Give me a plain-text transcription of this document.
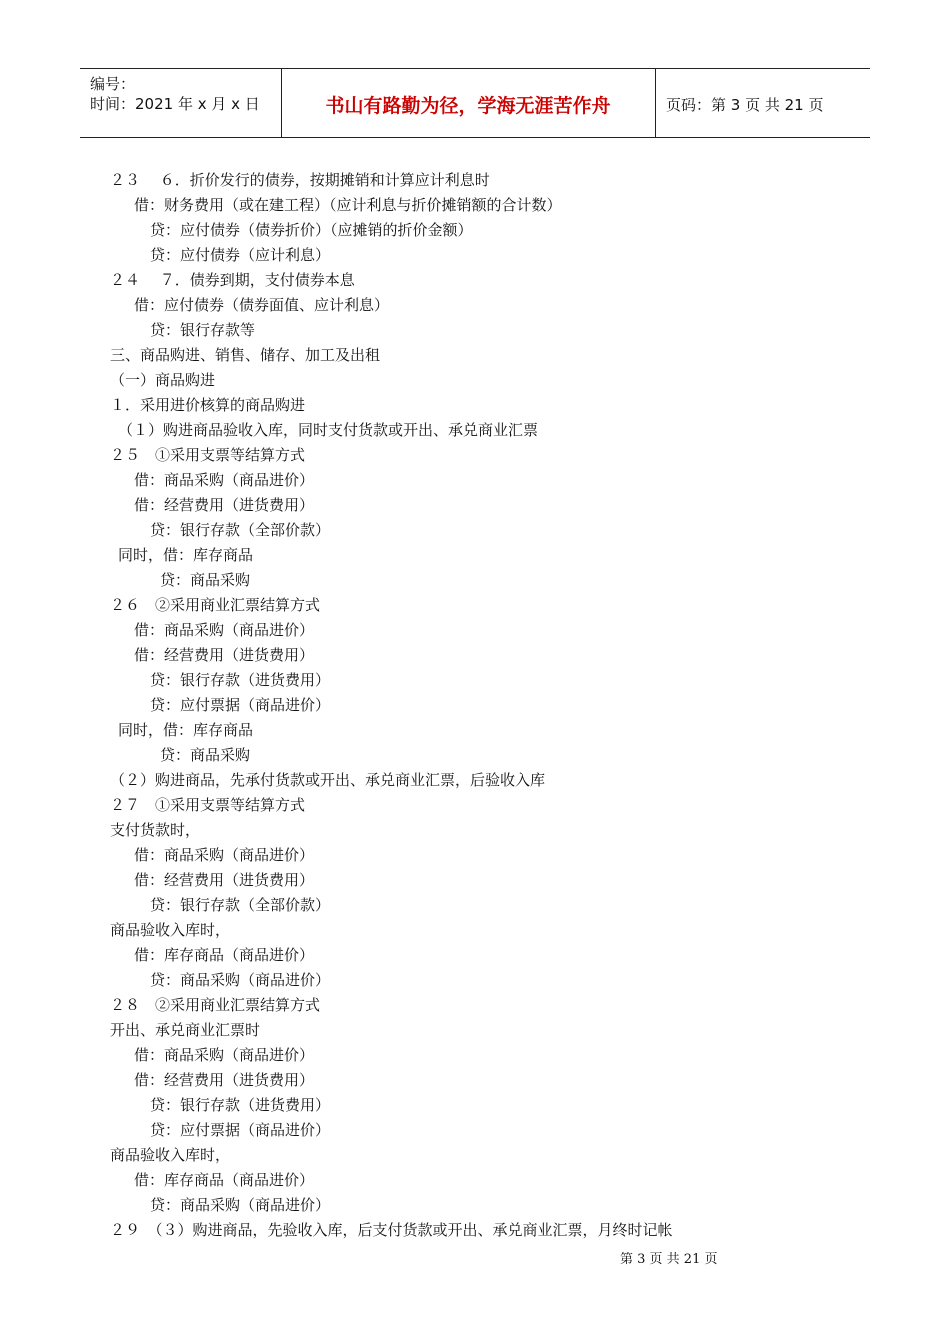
编号：
时间：2021 年 x 月 x 日	书山有路勤为径，学海无涯苦作舟	页码：第 3 页 共 21 页
２３　 ６．折价发行的债券，按期摊销和计算应计利息时
借：财务费用（或在建工程）（应计利息与折价摊销额的合计数）
贷：应付债券（债券折价）（应摊销的折价金额）
贷：应付债券（应计利息）
２４　 ７．债券到期，支付债券本息
借：应付债券（债券面值、应计利息）
贷：银行存款等
三、商品购进、销售、储存、加工及出租
（一）商品购进
１．采用进价核算的商品购进
（１）购进商品验收入库，同时支付货款或开出、承兑商业汇票
２５　①采用支票等结算方式
借：商品采购（商品进价）
借：经营费用（进货费用）
贷：银行存款（全部价款）
同时，借：库存商品
贷：商品采购
２６　②采用商业汇票结算方式
借：商品采购（商品进价）
借：经营费用（进货费用）
贷：银行存款（进货费用）
贷：应付票据（商品进价）
同时，借：库存商品
贷：商品采购
（２）购进商品，先承付货款或开出、承兑商业汇票，后验收入库
２７　①采用支票等结算方式
支付货款时，
借：商品采购（商品进价）
借：经营费用（进货费用）
贷：银行存款（全部价款）
商品验收入库时，
借：库存商品（商品进价）
贷：商品采购（商品进价）
２８　②采用商业汇票结算方式
开出、承兑商业汇票时
借：商品采购（商品进价）
借：经营费用（进货费用）
贷：银行存款（进货费用）
贷：应付票据（商品进价）
商品验收入库时，
借：库存商品（商品进价）
贷：商品采购（商品进价）
２９　（３）购进商品，先验收入库，后支付货款或开出、承兑商业汇票，月终时记帐
第 3 页 共 21 页
